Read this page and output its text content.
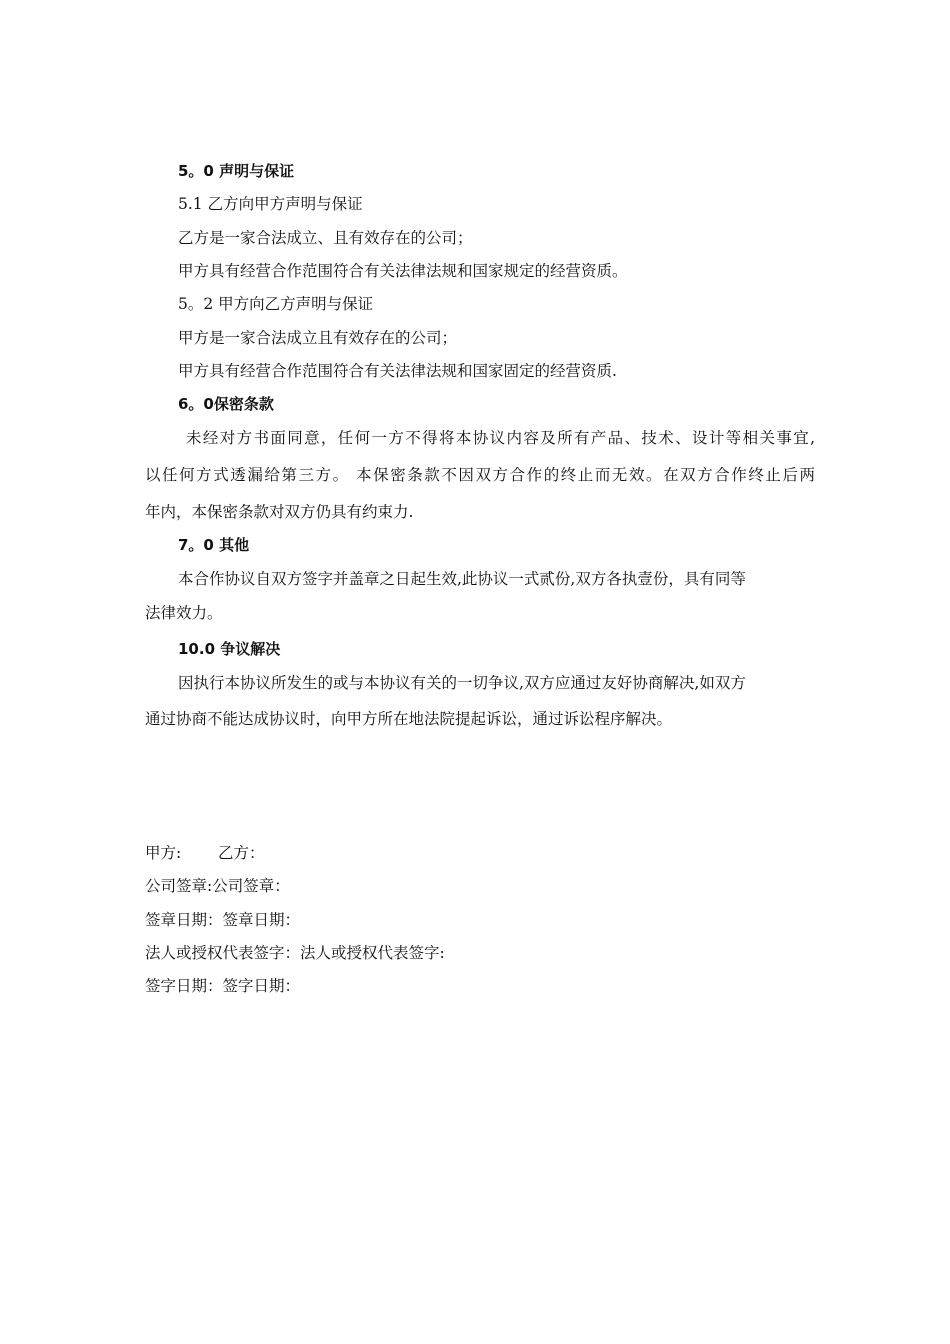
5。0 声明与保证
5.1 乙方向甲方声明与保证
乙方是一家合法成立、且有效存在的公司；
甲方具有经营合作范围符合有关法律法规和国家规定的经营资质。
5。2 甲方向乙方声明与保证
甲方是一家合法成立且有效存在的公司；
甲方具有经营合作范围符合有关法律法规和国家固定的经营资质.
6。0保密条款
未经对方书面同意，任何一方不得将本协议内容及所有产品、技术、设计等相关事宜,
以任何方式透漏给第三方。 本保密条款不因双方合作的终止而无效。在双方合作终止后两
年内，本保密条款对双方仍具有约束力.
7。0 其他
本合作协议自双方签字并盖章之日起生效,此协议一式贰份,双方各执壹份，具有同等
法律效力。
10.0 争议解决
因执行本协议所发生的或与本协议有关的一切争议,双方应通过友好协商解决,如双方
通过协商不能达成协议时，向甲方所在地法院提起诉讼，通过诉讼程序解决。
甲方:	乙方：
公司签章:公司签章：
签章日期：签章日期：
法人或授权代表签字：法人或授权代表签字:
签字日期：签字日期：
